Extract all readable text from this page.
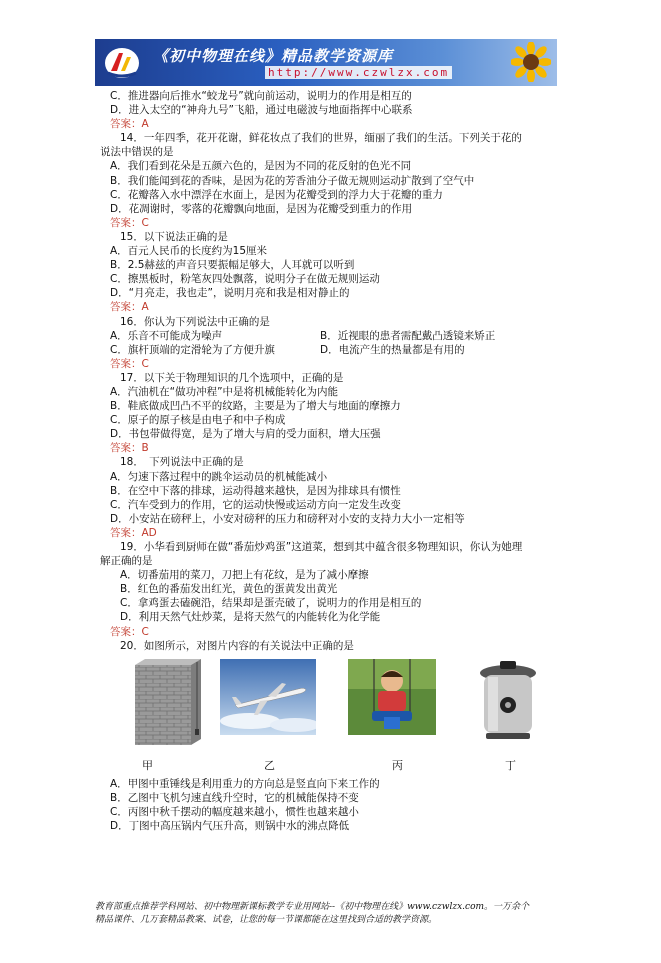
《初中物理在线》精品教学资源库
http://www.czwlzx.com
C．推进器向后推水“蛟龙号”就向前运动，说明力的作用是相互的
D．进入太空的“神舟九号”飞船，通过电磁波与地面指挥中心联系
答案：A
14．一年四季，花开花谢，鲜花妆点了我们的世界，缅丽了我们的生活。下列关于花的
说法中错误的是
A．我们看到花朵是五颜六色的，是因为不同的花反射的色光不同
B．我们能闻到花的香味，是因为花的芳香油分子做无规则运动扩散到了空气中
C．花瓣落入水中漂浮在水面上，是因为花瓣受到的浮力大于花瓣的重力
D．花凋谢时，零落的花瓣飘向地面，是因为花瓣受到重力的作用
答案：C
15．以下说法正确的是
A．百元人民币的长度约为15厘米
B．2.5赫兹的声音只要振幅足够大，人耳就可以听到
C．擦黑板时，粉笔灰四处飘落，说明分子在做无规则运动
D．“月亮走，我也走”，说明月亮和我是相对静止的
答案：A
16．你认为下列说法中正确的是
A．乐音不可能成为噪声	B．近视眼的患者需配戴凸透镜来矫正
C．旗杆顶端的定滑轮为了方便升旗	D．电流产生的热量都是有用的
答案：C
17．以下关于物理知识的几个选项中，正确的是
A．汽油机在“做功冲程”中是将机械能转化为内能
B．鞋底做成凹凸不平的纹路，主要是为了增大与地面的摩擦力
C．原子的原子核是由电子和中子构成
D．书包带做得宽，是为了增大与肩的受力面积，增大压强
答案：B
18．　下列说法中正确的是
A．匀速下落过程中的跳伞运动员的机械能减小
B．在空中下落的排球，运动得越来越快，是因为排球具有惯性
C．汽车受到力的作用，它的运动快慢或运动方向一定发生改变
D．小安站在磅秤上，小安对磅秤的压力和磅秤对小安的支持力大小一定相等
答案：AD
19．小华看到厨师在做“番茄炒鸡蛋”这道菜，想到其中蕴含很多物理知识，你认为她理
解正确的是
A．切番茄用的菜刀，刀把上有花纹，是为了减小摩擦
B．红色的番茄发出红光，黄色的蛋黄发出黄光
C．拿鸡蛋去磕碗沿，结果却是蛋壳破了，说明力的作用是相互的
D．利用天然气灶炒菜，是将天然气的内能转化为化学能
答案：C
20．如图所示，对图片内容的有关说法中正确的是
甲	乙	丙	丁
A．甲图中重锤线是利用重力的方向总是竖直向下来工作的
B．乙图中飞机匀速直线升空时，它的机械能保持不变
C．丙图中秋千摆动的幅度越来越小，惯性也越来越小
D．丁图中高压锅内气压升高，则锅中水的沸点降低
教育部重点推荐学科网站、初中物理新课标教学专业用网站--《初中物理在线》www.czwlzx.com。一万余个
精品课件、几万套精品教案、试卷，让您的每一节课都能在这里找到合适的教学资源。
